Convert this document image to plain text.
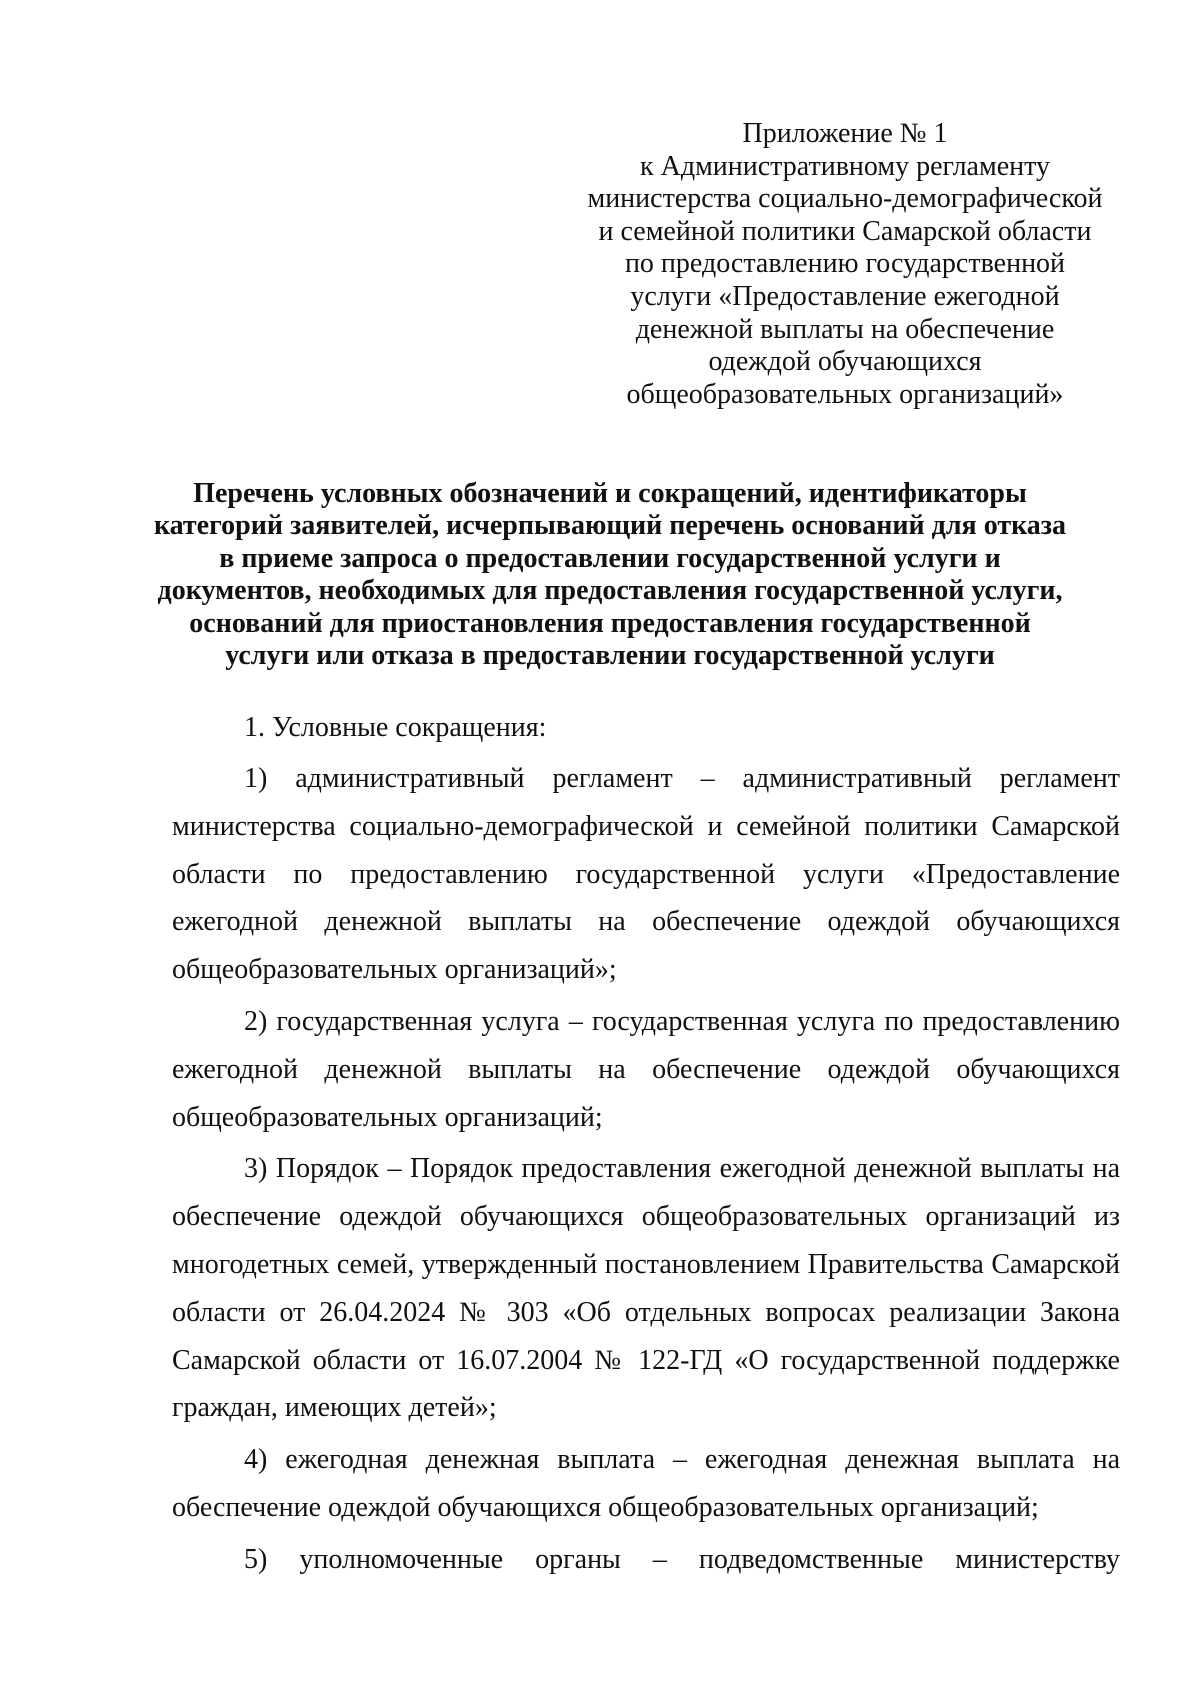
Приложение № 1
к Административному регламенту
министерства социально-демографической
и семейной политики Самарской области
по предоставлению государственной
услуги «Предоставление ежегодной
денежной выплаты на обеспечение
одеждой обучающихся
общеобразовательных организаций»
Перечень условных обозначений и сокращений, идентификаторы
категорий заявителей, исчерпывающий перечень оснований для отказа
в приеме запроса о предоставлении государственной услуги и
документов, необходимых для предоставления государственной услуги,
оснований для приостановления предоставления государственной
услуги или отказа в предоставлении государственной услуги

1. Условные сокращения:

1) административный регламент – административный регламент министерства социально-демографической и семейной политики Самарской области по предоставлению государственной услуги «Предоставление ежегодной денежной выплаты на обеспечение одеждой обучающихся общеобразовательных организаций»;

2) государственная услуга – государственная услуга по предоставлению ежегодной денежной выплаты на обеспечение одеждой обучающихся общеобразовательных организаций;

3) Порядок – Порядок предоставления ежегодной денежной выплаты на обеспечение одеждой обучающихся общеобразовательных организаций из многодетных семей, утвержденный постановлением Правительства Самарской области от 26.04.2024 № 303 «Об отдельных вопросах реализации Закона Самарской области от 16.07.2004 № 122-ГД «О государственной поддержке граждан, имеющих детей»;

4) ежегодная денежная выплата – ежегодная денежная выплата на обеспечение одеждой обучающихся общеобразовательных организаций;

5) уполномоченные органы – подведомственные министерству
